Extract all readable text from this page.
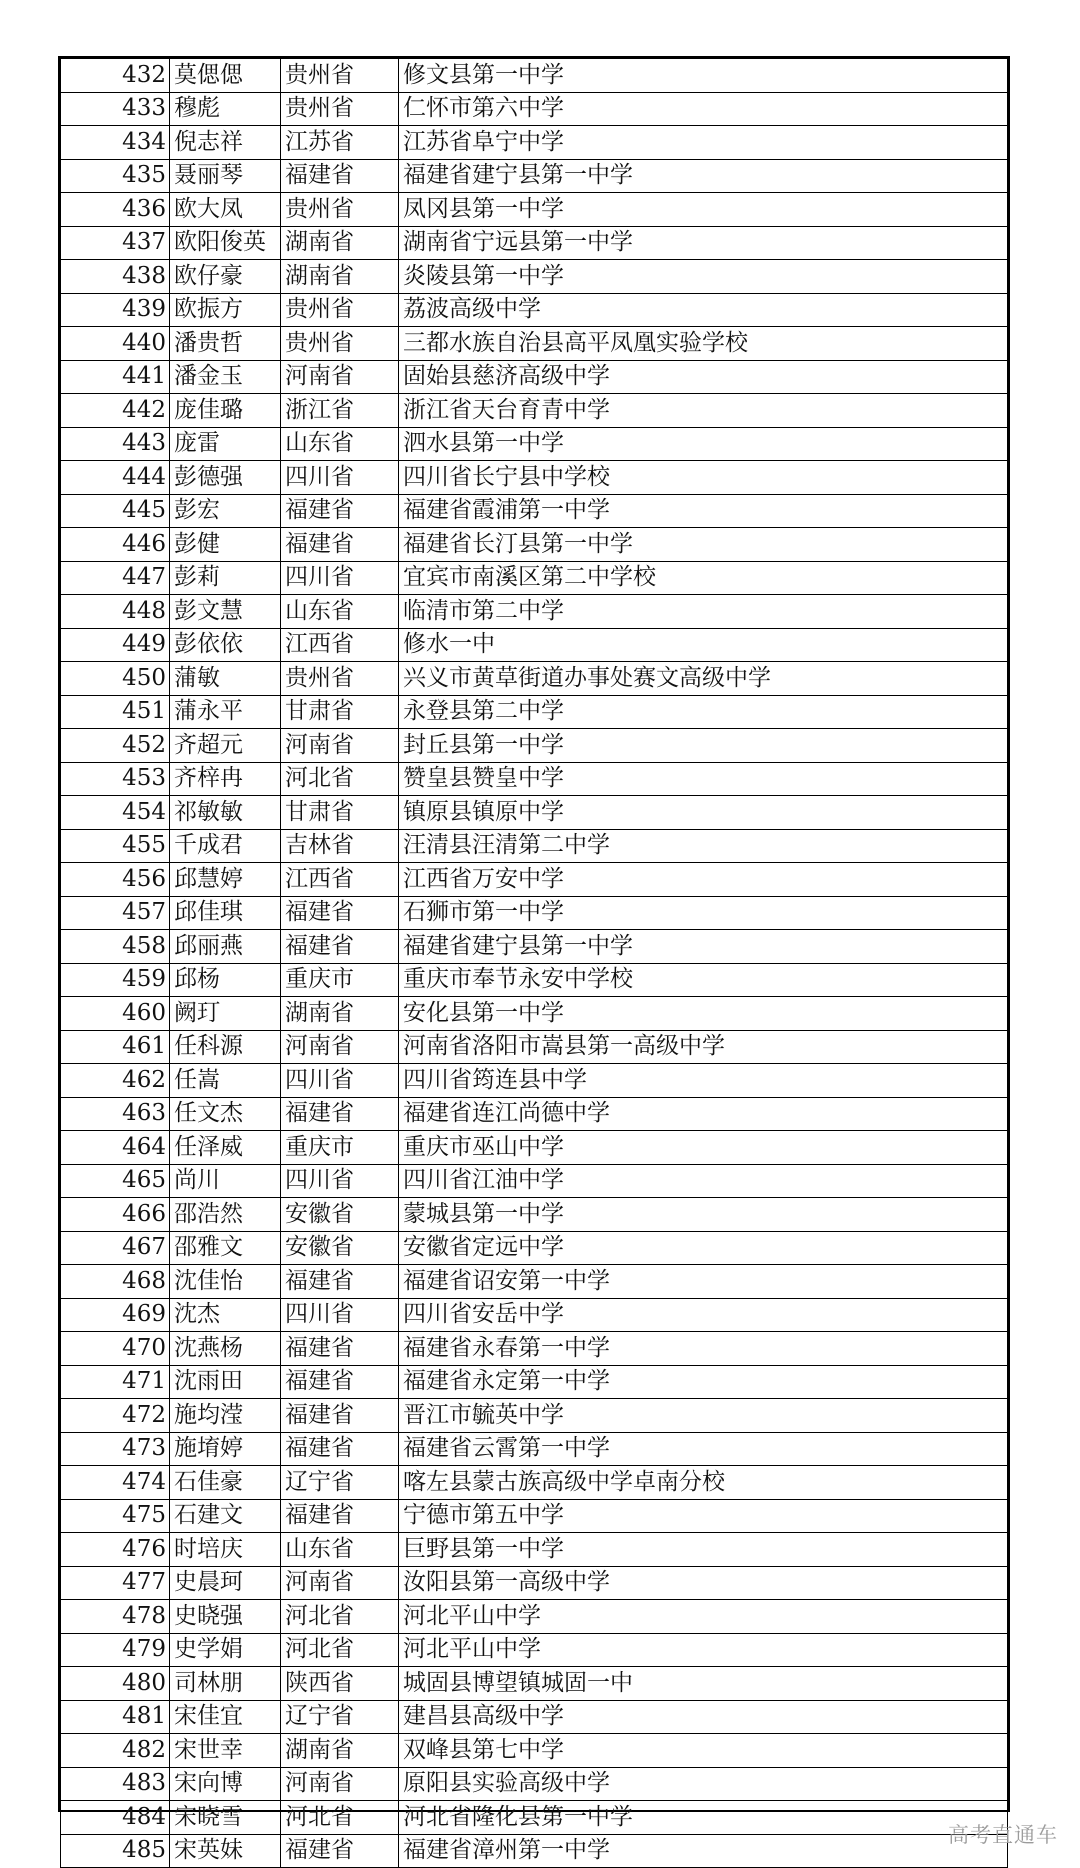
432	莫偲偲	贵州省	修文县第一中学
433	穆彪	贵州省	仁怀市第六中学
434	倪志祥	江苏省	江苏省阜宁中学
435	聂丽琴	福建省	福建省建宁县第一中学
436	欧大凤	贵州省	凤冈县第一中学
437	欧阳俊英	湖南省	湖南省宁远县第一中学
438	欧仔豪	湖南省	炎陵县第一中学
439	欧振方	贵州省	荔波高级中学
440	潘贵哲	贵州省	三都水族自治县高平凤凰实验学校
441	潘金玉	河南省	固始县慈济高级中学
442	庞佳璐	浙江省	浙江省天台育青中学
443	庞雷	山东省	泗水县第一中学
444	彭德强	四川省	四川省长宁县中学校
445	彭宏	福建省	福建省霞浦第一中学
446	彭健	福建省	福建省长汀县第一中学
447	彭莉	四川省	宜宾市南溪区第二中学校
448	彭文慧	山东省	临清市第二中学
449	彭依依	江西省	修水一中
450	蒲敏	贵州省	兴义市黄草街道办事处赛文高级中学
451	蒲永平	甘肃省	永登县第二中学
452	齐超元	河南省	封丘县第一中学
453	齐梓冉	河北省	赞皇县赞皇中学
454	祁敏敏	甘肃省	镇原县镇原中学
455	千成君	吉林省	汪清县汪清第二中学
456	邱慧婷	江西省	江西省万安中学
457	邱佳琪	福建省	石狮市第一中学
458	邱丽燕	福建省	福建省建宁县第一中学
459	邱杨	重庆市	重庆市奉节永安中学校
460	阙玎	湖南省	安化县第一中学
461	任科源	河南省	河南省洛阳市嵩县第一高级中学
462	任嵩	四川省	四川省筠连县中学
463	任文杰	福建省	福建省连江尚德中学
464	任泽威	重庆市	重庆市巫山中学
465	尚川	四川省	四川省江油中学
466	邵浩然	安徽省	蒙城县第一中学
467	邵雅文	安徽省	安徽省定远中学
468	沈佳怡	福建省	福建省诏安第一中学
469	沈杰	四川省	四川省安岳中学
470	沈燕杨	福建省	福建省永春第一中学
471	沈雨田	福建省	福建省永定第一中学
472	施均滢	福建省	晋江市毓英中学
473	施堉婷	福建省	福建省云霄第一中学
474	石佳豪	辽宁省	喀左县蒙古族高级中学卓南分校
475	石建文	福建省	宁德市第五中学
476	时培庆	山东省	巨野县第一中学
477	史晨珂	河南省	汝阳县第一高级中学
478	史晓强	河北省	河北平山中学
479	史学娟	河北省	河北平山中学
480	司林朋	陕西省	城固县博望镇城固一中
481	宋佳宜	辽宁省	建昌县高级中学
482	宋世幸	湖南省	双峰县第七中学
483	宋向博	河南省	原阳县实验高级中学
484	宋晓雪	河北省	河北省隆化县第一中学
485	宋英妹	福建省	福建省漳州第一中学
高考直通车
